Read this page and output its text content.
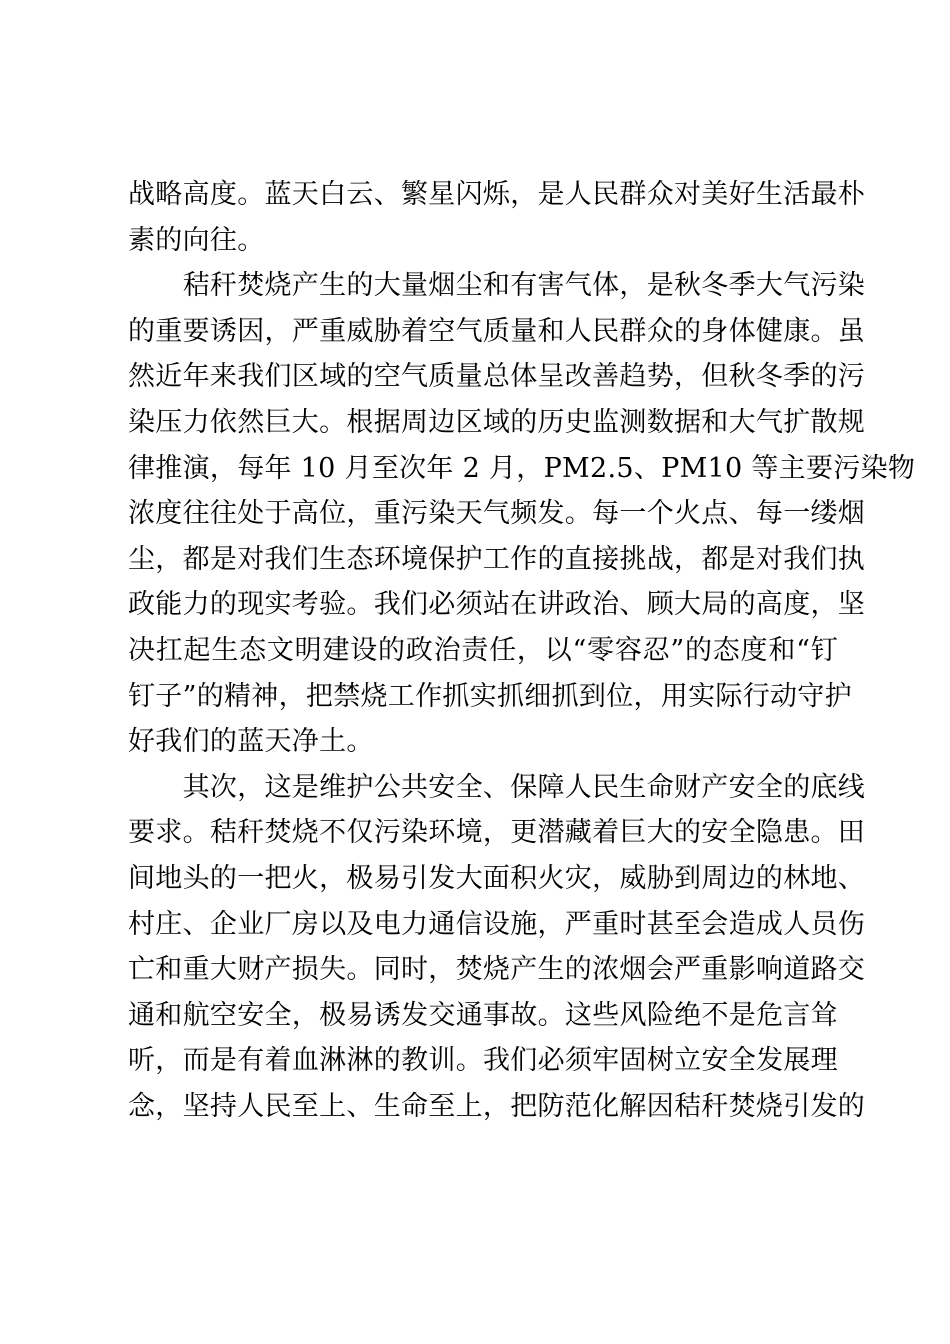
战略高度。蓝天白云、繁星闪烁，是人民群众对美好生活最朴
素的向往。
　　秸秆焚烧产生的大量烟尘和有害气体，是秋冬季大气污染
的重要诱因，严重威胁着空气质量和人民群众的身体健康。虽
然近年来我们区域的空气质量总体呈改善趋势，但秋冬季的污
染压力依然巨大。根据周边区域的历史监测数据和大气扩散规
律推演，每年 10 月至次年 2 月，PM2.5、PM10 等主要污染物
浓度往往处于高位，重污染天气频发。每一个火点、每一缕烟
尘，都是对我们生态环境保护工作的直接挑战，都是对我们执
政能力的现实考验。我们必须站在讲政治、顾大局的高度，坚
决扛起生态文明建设的政治责任，以“零容忍”的态度和“钉
钉子”的精神，把禁烧工作抓实抓细抓到位，用实际行动守护
好我们的蓝天净土。
　　其次，这是维护公共安全、保障人民生命财产安全的底线
要求。秸秆焚烧不仅污染环境，更潜藏着巨大的安全隐患。田
间地头的一把火，极易引发大面积火灾，威胁到周边的林地、
村庄、企业厂房以及电力通信设施，严重时甚至会造成人员伤
亡和重大财产损失。同时，焚烧产生的浓烟会严重影响道路交
通和航空安全，极易诱发交通事故。这些风险绝不是危言耸
听，而是有着血淋淋的教训。我们必须牢固树立安全发展理
念，坚持人民至上、生命至上，把防范化解因秸秆焚烧引发的
